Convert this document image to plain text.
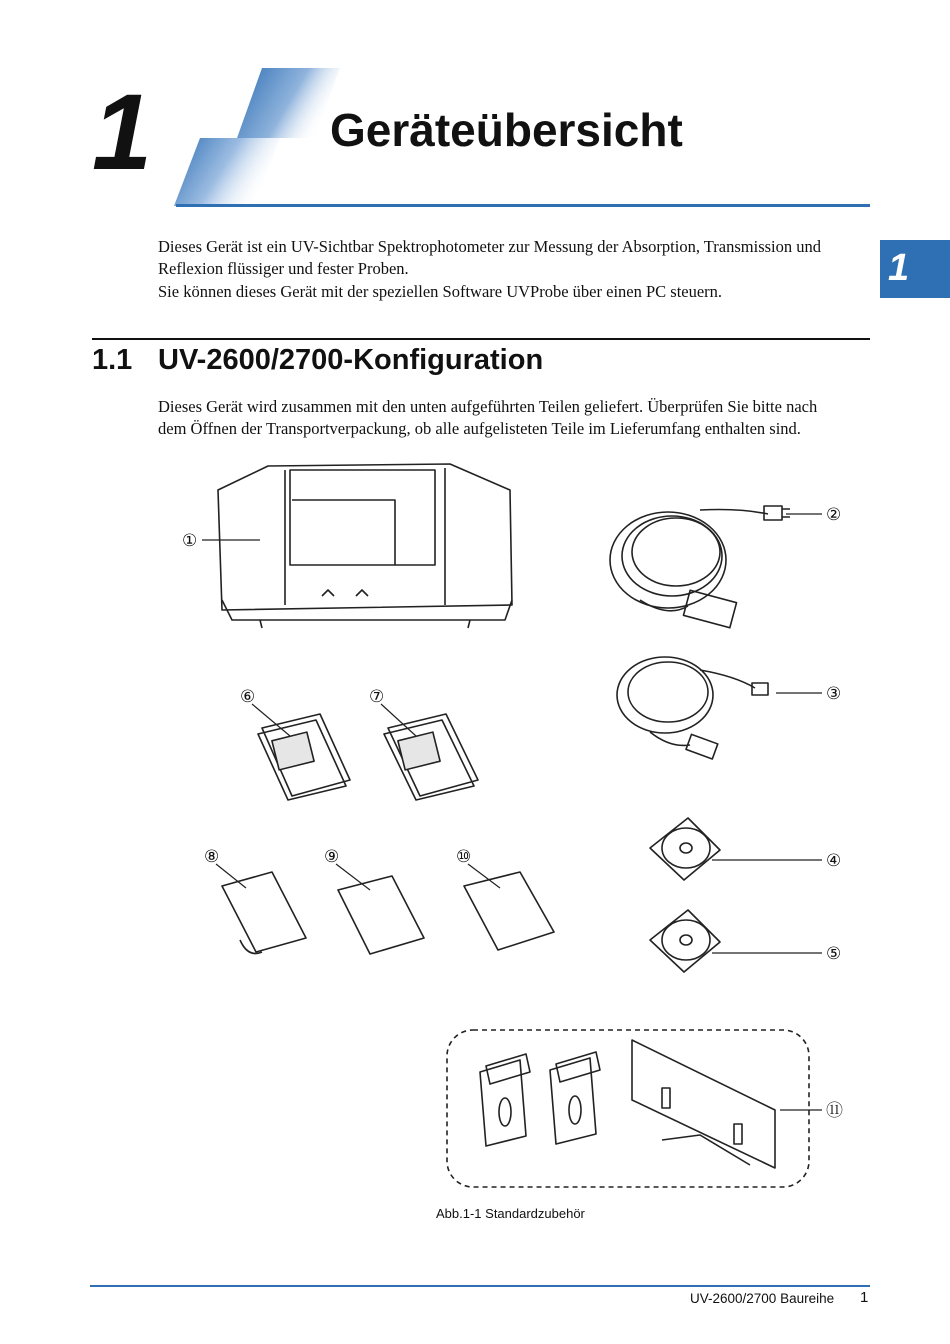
1	Geräteübersicht
Dieses Gerät ist ein UV-Sichtbar Spektrophotometer zur Messung der Absorption, Transmission und
Reflexion flüssiger und fester Proben.
Sie können dieses Gerät mit der speziellen Software UVProbe über einen PC steuern.
1
1.1 UV-2600/2700-Konfiguration
Dieses Gerät wird zusammen mit den unten aufgeführten Teilen geliefert. Überprüfen Sie bitte nach
dem Öffnen der Transportverpackung, ob alle aufgelisteten Teile im Lieferumfang enthalten sind.
①
②
③
④
⑤
⑥	⑦
⑧	⑨	⑩
⑪
Abb.1-1 Standardzubehör
UV-2600/2700 Baureihe 1
